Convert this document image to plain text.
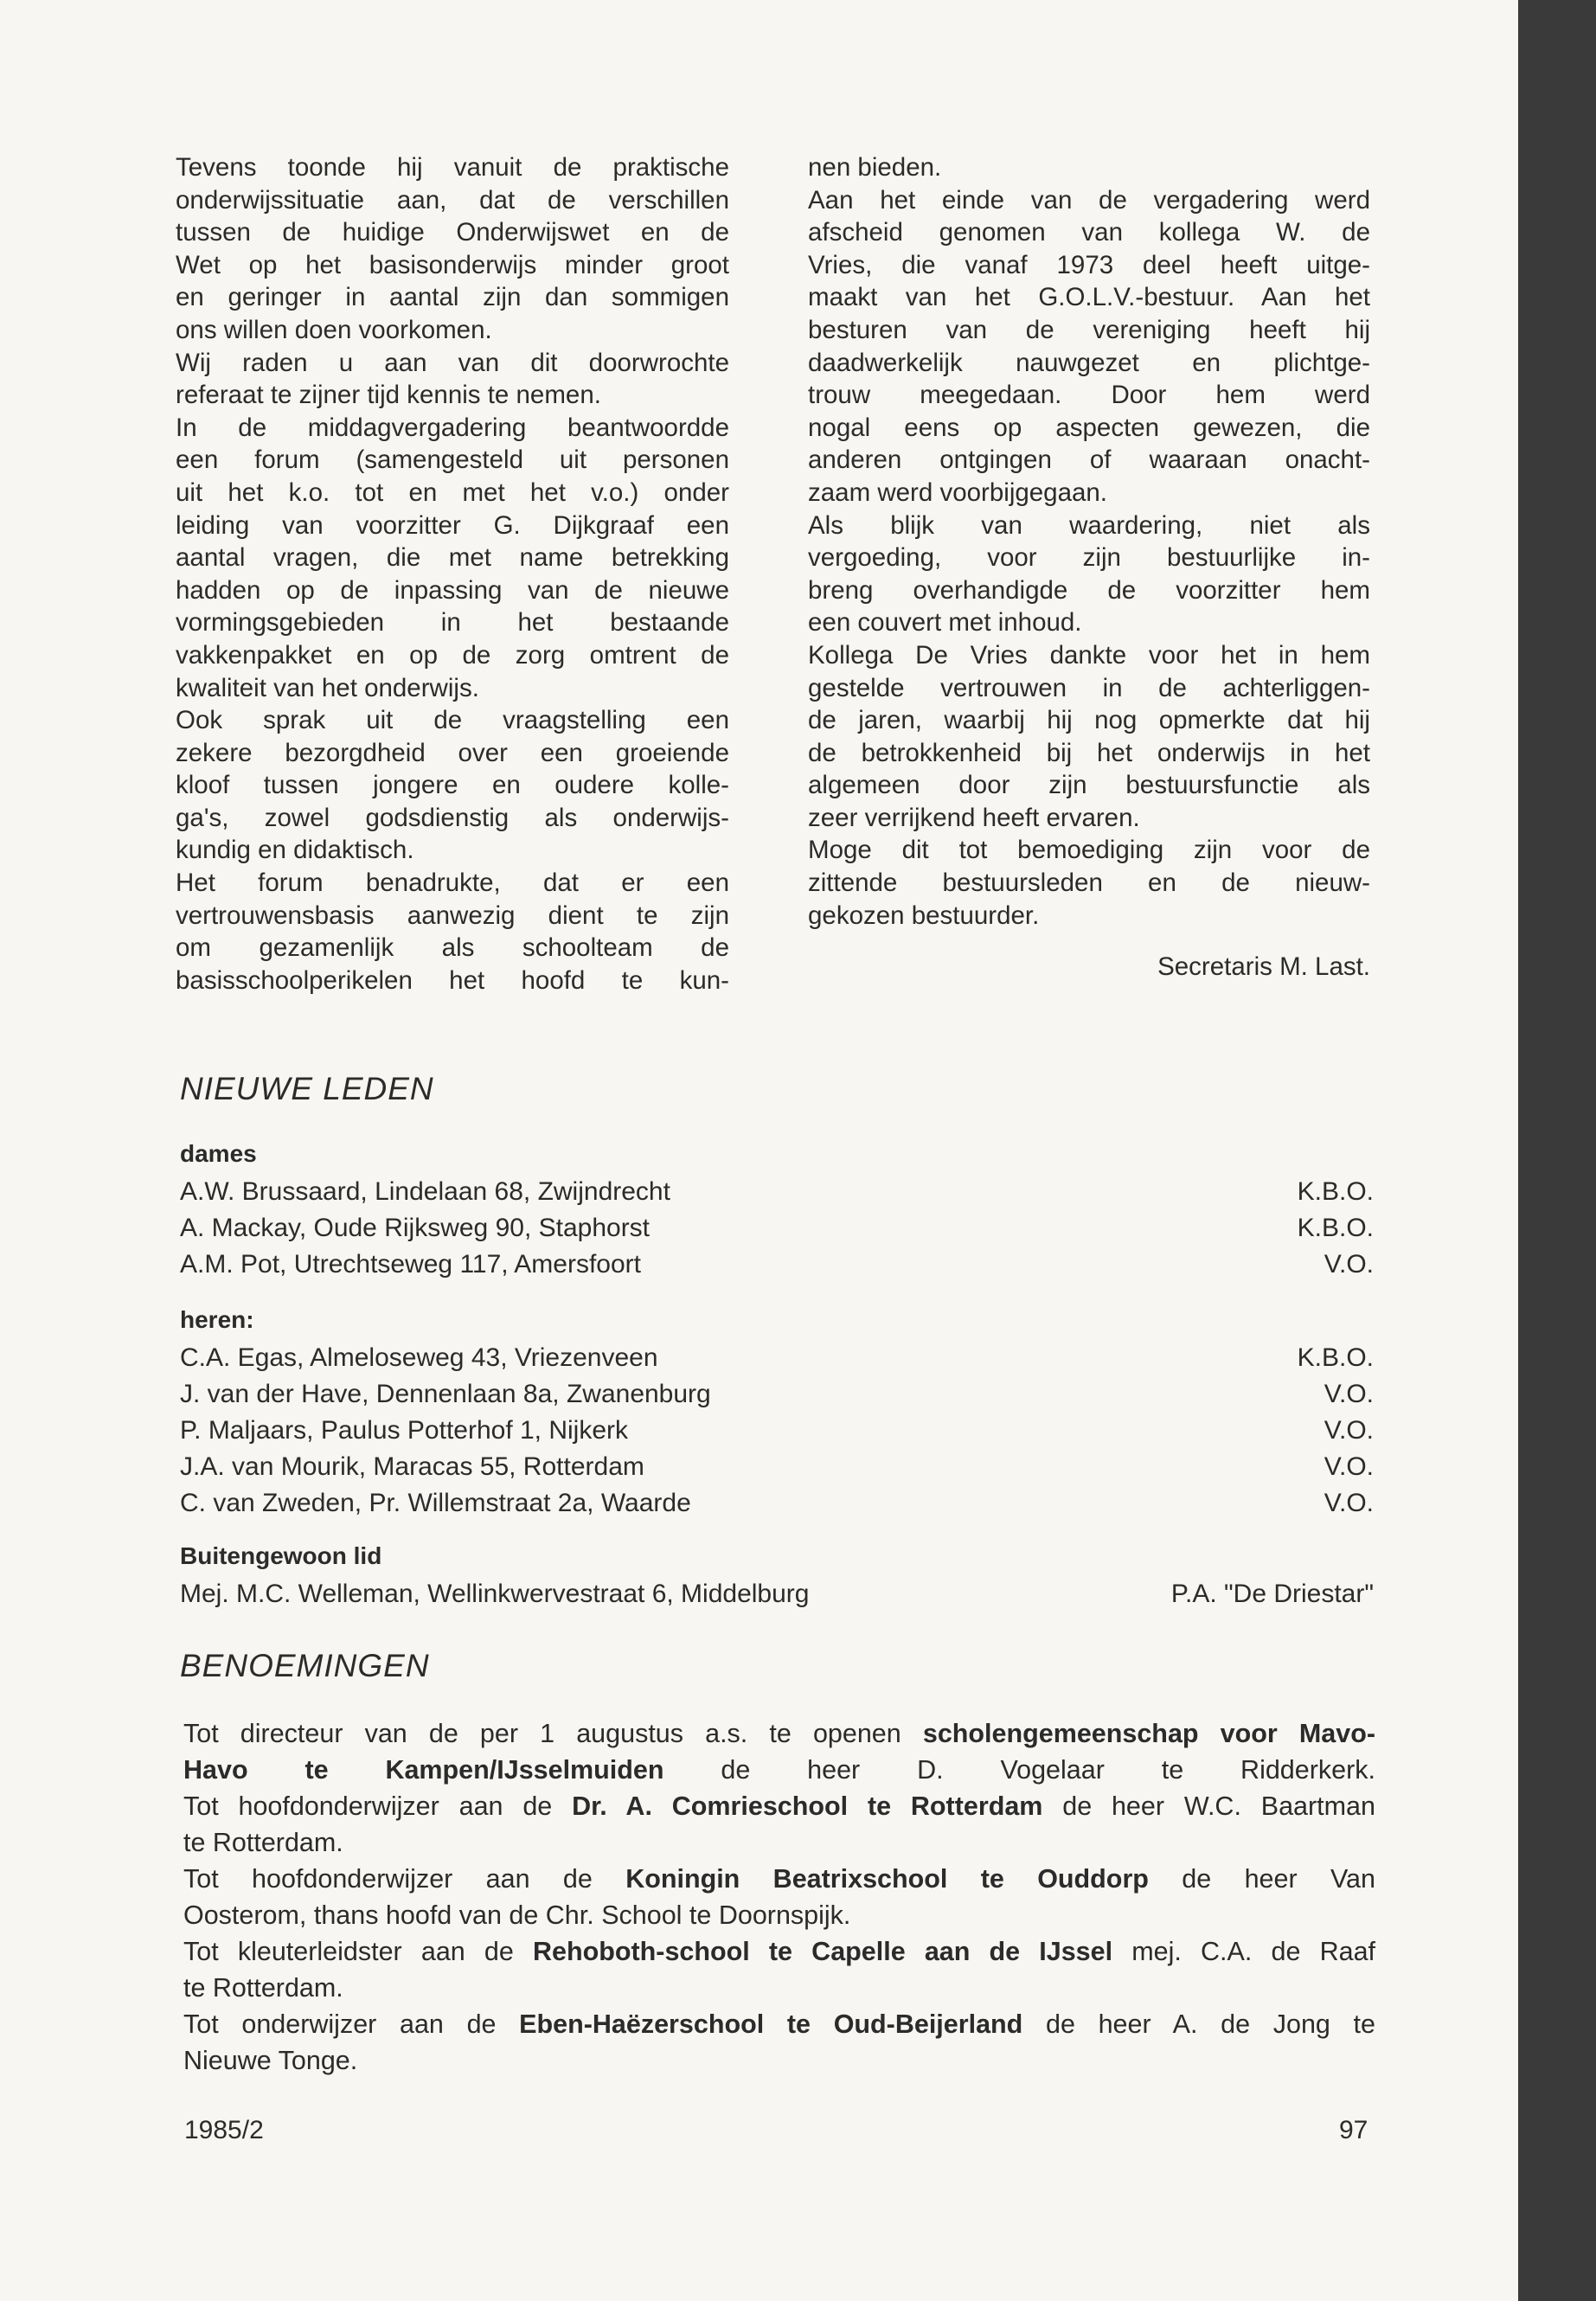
Tevens toonde hij vanuit de praktische
onderwijssituatie aan, dat de verschillen
tussen de huidige Onderwijswet en de
Wet op het basisonderwijs minder groot
en geringer in aantal zijn dan sommigen
ons willen doen voorkomen.
Wij raden u aan van dit doorwrochte
referaat te zijner tijd kennis te nemen.
In de middagvergadering beantwoordde
een forum (samengesteld uit personen
uit het k.o. tot en met het v.o.) onder
leiding van voorzitter G. Dijkgraaf een
aantal vragen, die met name betrekking
hadden op de inpassing van de nieuwe
vormingsgebieden in het bestaande
vakkenpakket en op de zorg omtrent de
kwaliteit van het onderwijs.
Ook sprak uit de vraagstelling een
zekere bezorgdheid over een groeiende
kloof tussen jongere en oudere kolle-
ga's, zowel godsdienstig als onderwijs-
kundig en didaktisch.
Het forum benadrukte, dat er een
vertrouwensbasis aanwezig dient te zijn
om gezamenlijk als schoolteam de
basisschoolperikelen het hoofd te kun-
nen bieden.
Aan het einde van de vergadering werd
afscheid genomen van kollega W. de
Vries, die vanaf 1973 deel heeft uitge-
maakt van het G.O.L.V.-bestuur. Aan het
besturen van de vereniging heeft hij
daadwerkelijk nauwgezet en plichtge-
trouw meegedaan. Door hem werd
nogal eens op aspecten gewezen, die
anderen ontgingen of waaraan onacht-
zaam werd voorbijgegaan.
Als blijk van waardering, niet als
vergoeding, voor zijn bestuurlijke in-
breng overhandigde de voorzitter hem
een couvert met inhoud.
Kollega De Vries dankte voor het in hem
gestelde vertrouwen in de achterliggen-
de jaren, waarbij hij nog opmerkte dat hij
de betrokkenheid bij het onderwijs in het
algemeen door zijn bestuursfunctie als
zeer verrijkend heeft ervaren.
Moge dit tot bemoediging zijn voor de
zittende bestuursleden en de nieuw-
gekozen bestuurder.
Secretaris M. Last.
NIEUWE LEDEN
dames
A.W. Brussaard, Lindelaan 68, Zwijndrecht	K.B.O.
A. Mackay, Oude Rijksweg 90, Staphorst	K.B.O.
A.M. Pot, Utrechtseweg 117, Amersfoort	V.O.
heren:
C.A. Egas, Almeloseweg 43, Vriezenveen	K.B.O.
J. van der Have, Dennenlaan 8a, Zwanenburg	V.O.
P. Maljaars, Paulus Potterhof 1, Nijkerk	V.O.
J.A. van Mourik, Maracas 55, Rotterdam	V.O.
C. van Zweden, Pr. Willemstraat 2a, Waarde	V.O.
Buitengewoon lid
Mej. M.C. Welleman, Wellinkwervestraat 6, Middelburg	P.A. "De Driestar"
BENOEMINGEN
Tot directeur van de per 1 augustus a.s. te openen scholengemeenschap voor Mavo-
Havo te Kampen/IJsselmuiden de heer D. Vogelaar te Ridderkerk.
Tot hoofdonderwijzer aan de Dr. A. Comrieschool te Rotterdam de heer W.C. Baartman
te Rotterdam.
Tot hoofdonderwijzer aan de Koningin Beatrixschool te Ouddorp de heer Van
Oosterom, thans hoofd van de Chr. School te Doornspijk.
Tot kleuterleidster aan de Rehoboth-school te Capelle aan de IJssel mej. C.A. de Raaf
te Rotterdam.
Tot onderwijzer aan de Eben-Haëzerschool te Oud-Beijerland de heer A. de Jong te
Nieuwe Tonge.
1985/2	97
